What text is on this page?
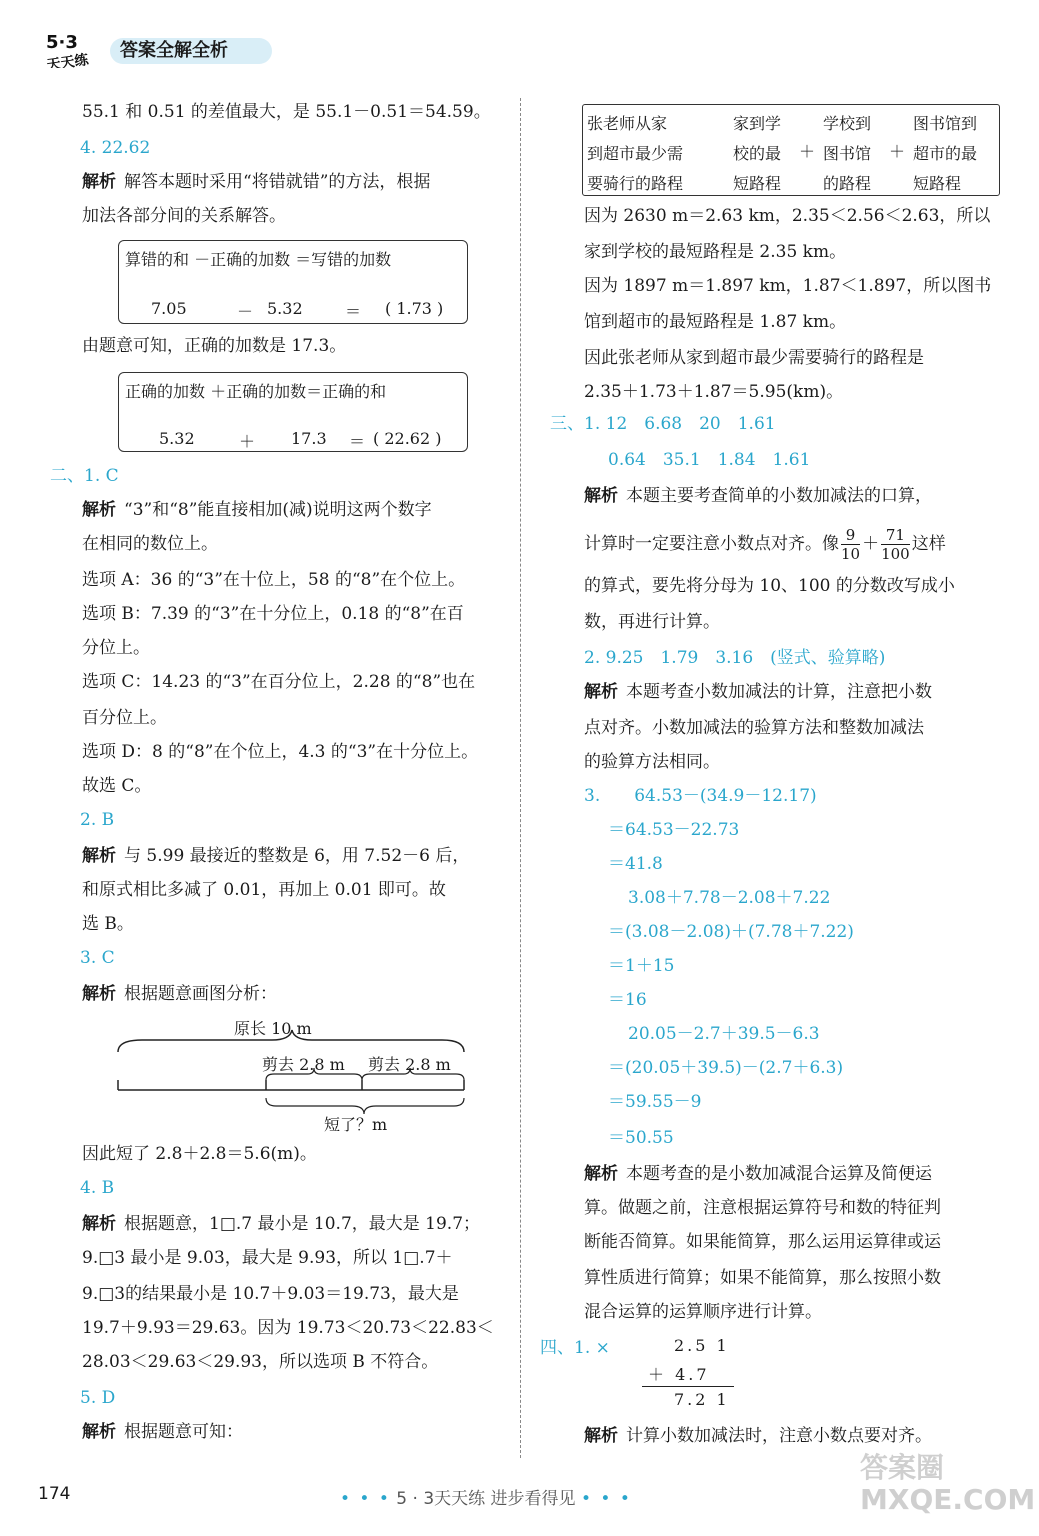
5·3
天天练
答案全解全析
55.1 和 0.51 的差值最大，是 55.1－0.51＝54.59。
4. 22.62
解析 解答本题时采用“将错就错”的方法，根据
加法各部分间的关系解答。
由题意可知，正确的加数是 17.3。
二、1. C
解析 “3”和“8”能直接相加(减)说明这两个数字
在相同的数位上。
选项 A：36 的“3”在十位上，58 的“8”在个位上。
选项 B：7.39 的“3”在十分位上，0.18 的“8”在百
分位上。
选项 C：14.23 的“3”在百分位上，2.28 的“8”也在
百分位上。
选项 D：8 的“8”在个位上，4.3 的“3”在十分位上。
故选 C。
2. B
解析 与 5.99 最接近的整数是 6，用 7.52－6 后，
和原式相比多减了 0.01，再加上 0.01 即可。故
选 B。
3. C
解析 根据题意画图分析：
因此短了 2.8＋2.8＝5.6(m)。
4. B
解析 根据题意，1□.7 最小是 10.7，最大是 19.7；
9.□3 最小是 9.03，最大是 9.93，所以 1□.7＋
9.□3的结果最小是 10.7＋9.03＝19.73，最大是
19.7＋9.93＝29.63。因为 19.73＜20.73＜22.83＜
28.03＜29.63＜29.93，所以选项 B 不符合。
5. D
解析 根据题意可知：
算错的和 －正确的加数 ＝写错的加数
7.05	－ 5.32	＝ ( 1.73 )
正确的加数 ＋正确的加数＝正确的和
5.32	＋ 17.3 ＝ ( 22.62 )
原长 10 m
剪去 2.8 m 剪去 2.8 m
短了？m
张老师从家
到超市最少需
要骑行的路程
家到学
校的最
短路程
＋
学校到
图书馆
的路程
＋
图书馆到
超市的最
短路程
因为 2630 m＝2.63 km，2.35＜2.56＜2.63，所以
家到学校的最短路程是 2.35 km。
因为 1897 m＝1.897 km，1.87＜1.897，所以图书
馆到超市的最短路程是 1.87 km。
因此张老师从家到超市最少需要骑行的路程是
2.35＋1.73＋1.87＝5.95(km)。
三、1. 12　6.68　20　1.61
0.64　35.1　1.84　1.61
解析 本题主要考查简单的小数加减法的口算，
的算式，要先将分母为 10、100 的分数改写成小
数，再进行计算。
2. 9.25　1.79　3.16　(竖式、验算略)
解析 本题考查小数加减法的计算，注意把小数
点对齐。小数加减法的验算方法和整数加减法
的验算方法相同。
3.　　64.53－(34.9－12.17)
＝64.53－22.73
＝41.8
3.08＋7.78－2.08＋7.22
＝(3.08－2.08)＋(7.78＋7.22)
＝1＋15
＝16
20.05－2.7＋39.5－6.3
＝(20.05＋39.5)－(2.7＋6.3)
＝59.55－9
＝50.55
解析 本题考查的是小数加减混合运算及简便运
算。做题之前，注意根据运算符号和数的特征判
断能否简算。如果能简算，那么运用运算律或运
算性质进行简算；如果不能简算，那么按照小数
混合运算的运算顺序进行计算。
四、1. ×
解析 计算小数加减法时，注意小数点要对齐。
计算时一定要注意小数点对齐。像 $\frac{9}{10} + \frac{71}{100}$ 这样
2.5 1
＋ 4.7
7.2 1
174	• • • 5 · 3天天练 进步看得见 • • •
答案圈 MXQE.COM
